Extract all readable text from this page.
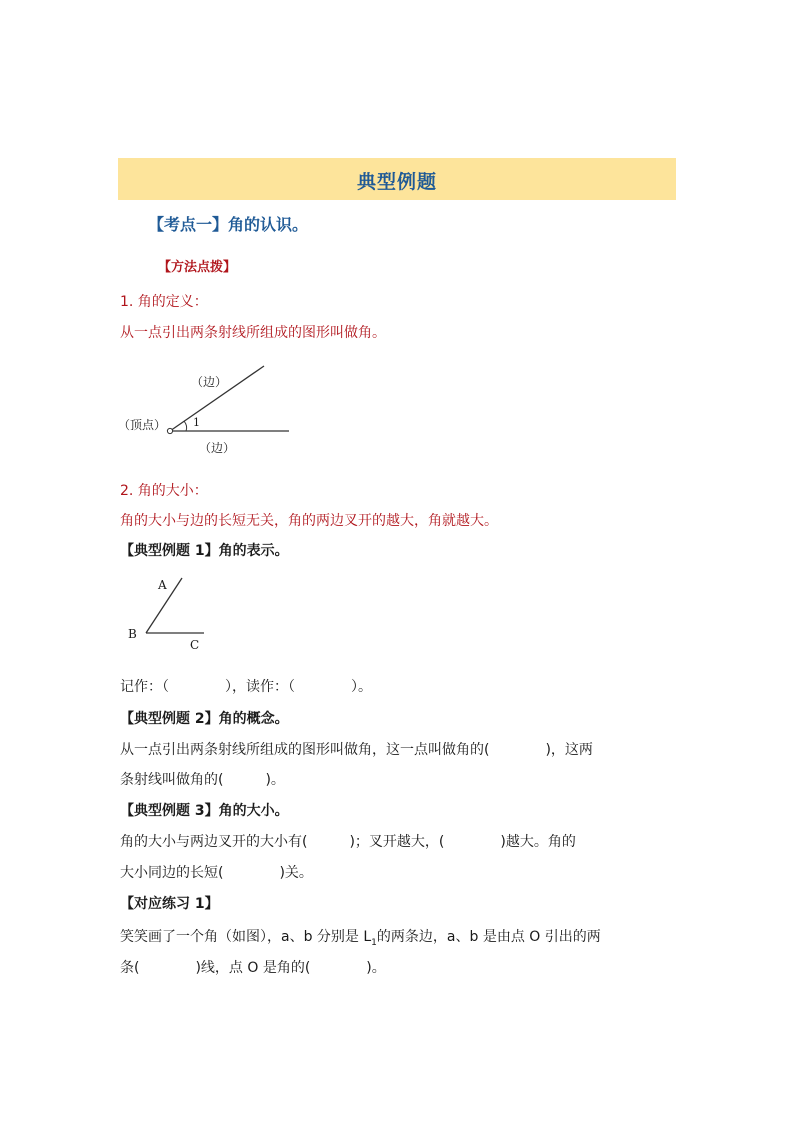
典型例题
【考点一】角的认识。
【方法点拨】
1. 角的定义：
从一点引出两条射线所组成的图形叫做角。
（边）
（顶点） 1
（边）
2. 角的大小：
角的大小与边的长短无关，角的两边叉开的越大，角就越大。
【典型例题 1】角的表示。
A
B
C
记作：（　　　　），读作：（　　　　）。
【典型例题 2】角的概念。
从一点引出两条射线所组成的图形叫做角，这一点叫做角的(　　　　)，这两
条射线叫做角的(　　　)。
【典型例题 3】角的大小。
角的大小与两边叉开的大小有(　　　)；叉开越大，(　　　　)越大。角的
大小同边的长短(　　　　)关。
【对应练习 1】
笑笑画了一个角（如图），a、b 分别是 $L_1$的两条边，a、b 是由点 O 引出的两
条(　　　　)线，点 O 是角的(　　　　)。
